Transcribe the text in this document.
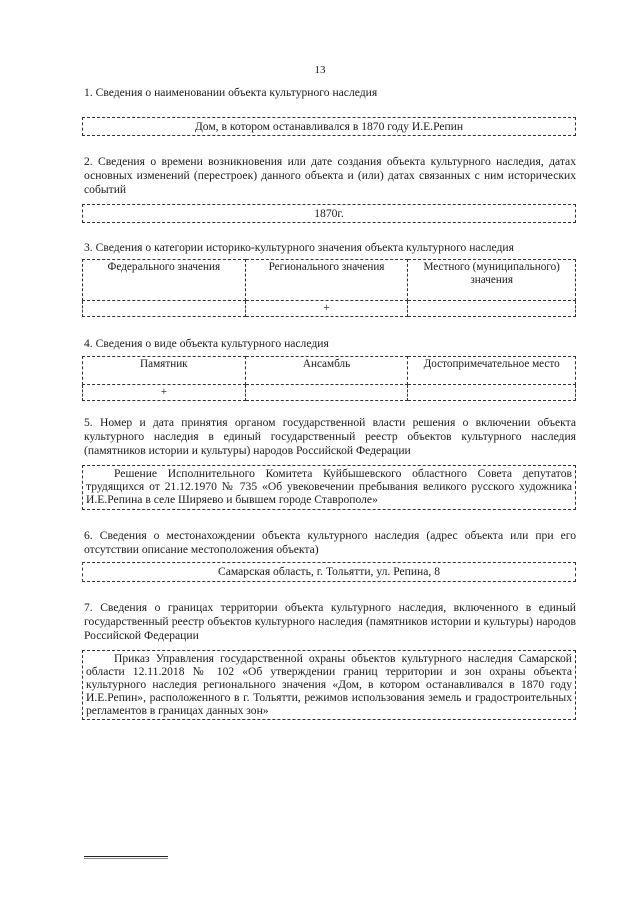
13
1. Сведения о наименовании объекта культурного наследия
Дом, в котором останавливался в 1870 году И.Е.Репин
2. Сведения о времени возникновения или дате создания объекта культурного наследия, датах основных изменений (перестроек) данного объекта и (или) датах связанных с ним исторических событий
1870г.
3. Сведения о категории историко-культурного значения объекта культурного наследия
Федерального значения	Регионального значения	Местного (муниципального) значения
	+	
4. Сведения о виде объекта культурного наследия
Памятник	Ансамбль	Достопримечательное место
+		
5. Номер и дата принятия органом государственной власти решения о включении объекта культурного наследия в единый государственный реестр объектов культурного наследия (памятников истории и культуры) народов Российской Федерации
Решение Исполнительного Комитета Куйбышевского областного Совета депутатов трудящихся от 21.12.1970 № 735 «Об увековечении пребывания великого русского художника И.Е.Репина в селе Ширяево и бывшем городе Ставрополе»
6. Сведения о местонахождении объекта культурного наследия (адрес объекта или при его отсутствии описание местоположения объекта)
Самарская область, г. Тольятти, ул. Репина, 8
7. Сведения о границах территории объекта культурного наследия, включенного в единый государственный реестр объектов культурного наследия (памятников истории и культуры) народов Российской Федерации
Приказ Управления государственной охраны объектов культурного наследия Самарской области 12.11.2018 № 102 «Об утверждении границ территории и зон охраны объекта культурного наследия регионального значения «Дом, в котором останавливался в 1870 году И.Е.Репин», расположенного в г. Тольятти, режимов использования земель и градостроительных регламентов в границах данных зон»
